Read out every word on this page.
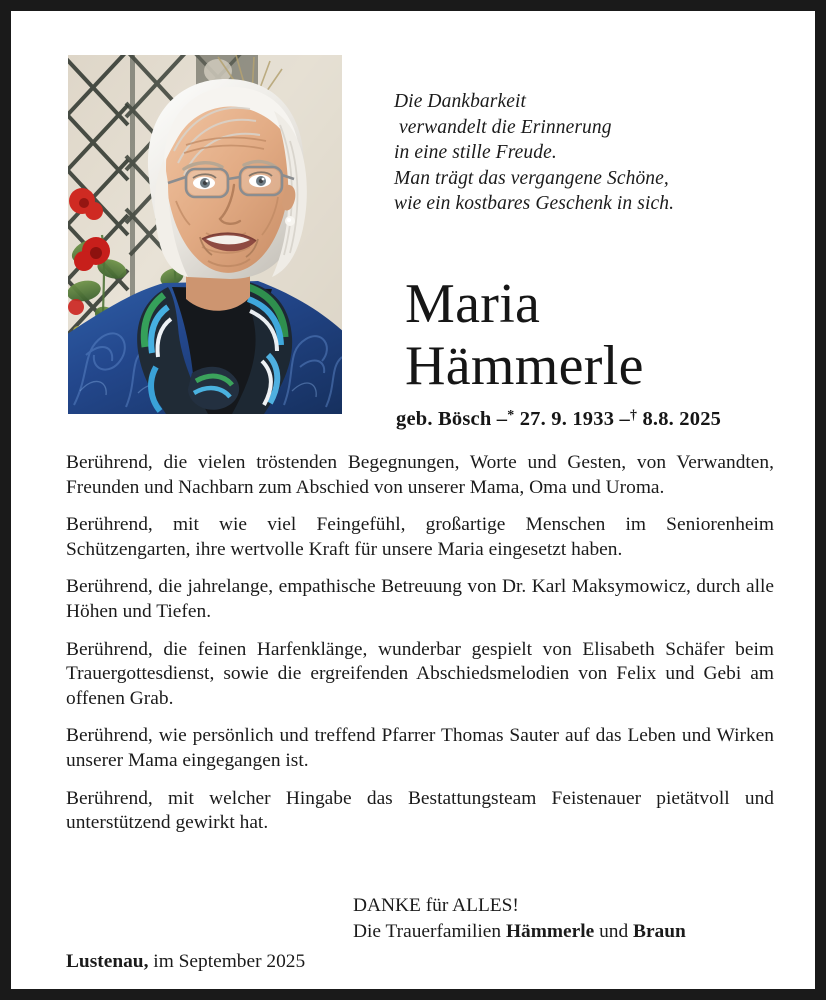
Die Dankbarkeit
verwandelt die Erinnerung
in eine stille Freude.
Man trägt das vergangene Schöne,
wie ein kostbares Geschenk in sich.
Maria
Hämmerle
geb. Bösch –* 27. 9. 1933 –† 8.8. 2025

Berührend, die vielen tröstenden Begegnungen, Worte und Gesten, von Verwandten, Freunden und Nachbarn zum Abschied von unserer Mama, Oma und Uroma.

Berührend, mit wie viel Feingefühl, großartige Menschen im Seniorenheim Schützengarten, ihre wertvolle Kraft für unsere Maria eingesetzt haben.

Berührend, die jahrelange, empathische Betreuung von Dr. Karl Maksymowicz, durch alle Höhen und Tiefen.

Berührend, die feinen Harfenklänge, wunderbar gespielt von Elisabeth Schäfer beim Trauergottesdienst, sowie die ergreifenden Abschiedsmelodien von Felix und Gebi am offenen Grab.

Berührend, wie persönlich und treffend Pfarrer Thomas Sauter auf das Leben und Wirken unserer Mama eingegangen ist.

Berührend, mit welcher Hingabe das Bestattungsteam Feistenauer pietätvoll und unterstützend gewirkt hat.

DANKE für ALLES!
Die Trauerfamilien Hämmerle und Braun
Lustenau, im September 2025
